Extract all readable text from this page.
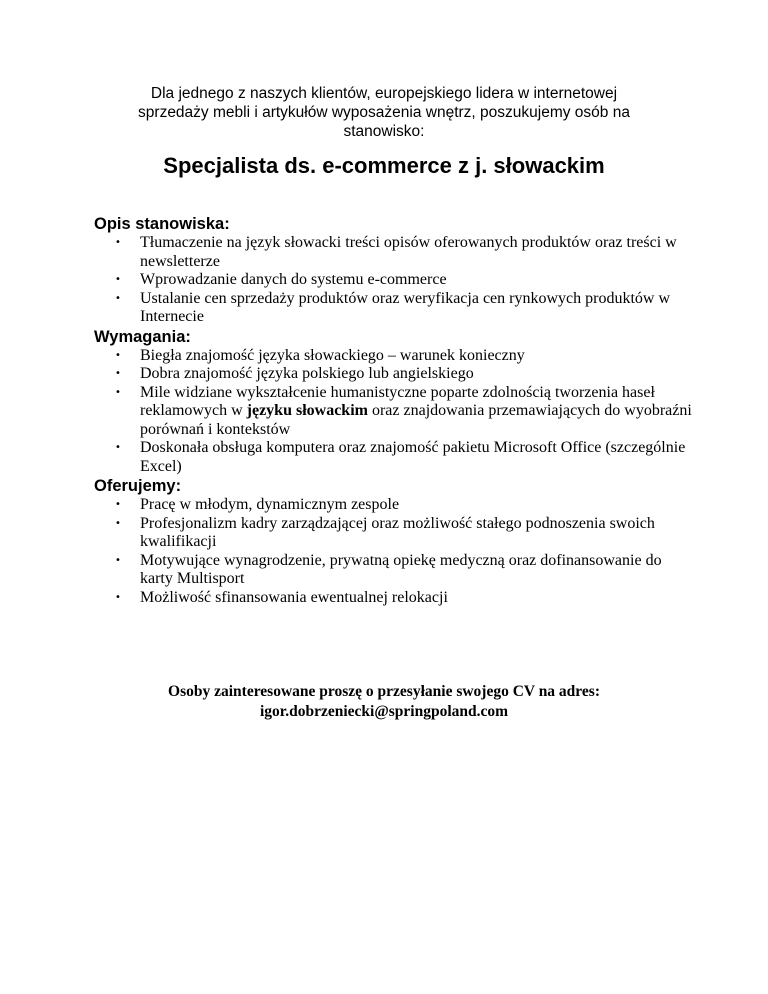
Dla jednego z naszych klientów, europejskiego lidera w internetowej sprzedaży mebli i artykułów wyposażenia wnętrz, poszukujemy osób na stanowisko:

Specjalista ds. e-commerce z j. słowackim
Opis stanowiska:
• Tłumaczenie na język słowacki treści opisów oferowanych produktów oraz treści w newsletterze
• Wprowadzanie danych do systemu e-commerce
• Ustalanie cen sprzedaży produktów oraz weryfikacja cen rynkowych produktów w Internecie
Wymagania:
• Biegła znajomość języka słowackiego – warunek konieczny
• Dobra znajomość języka polskiego lub angielskiego
• Mile widziane wykształcenie humanistyczne poparte zdolnością tworzenia haseł reklamowych w języku słowackim oraz znajdowania przemawiających do wyobraźni porównań i kontekstów
• Doskonała obsługa komputera oraz znajomość pakietu Microsoft Office (szczególnie Excel)
Oferujemy:
• Pracę w młodym, dynamicznym zespole
• Profesjonalizm kadry zarządzającej oraz możliwość stałego podnoszenia swoich kwalifikacji
• Motywujące wynagrodzenie, prywatną opiekę medyczną oraz dofinansowanie do karty Multisport
• Możliwość sfinansowania ewentualnej relokacji
Osoby zainteresowane proszę o przesyłanie swojego CV na adres:
igor.dobrzeniecki@springpoland.com
